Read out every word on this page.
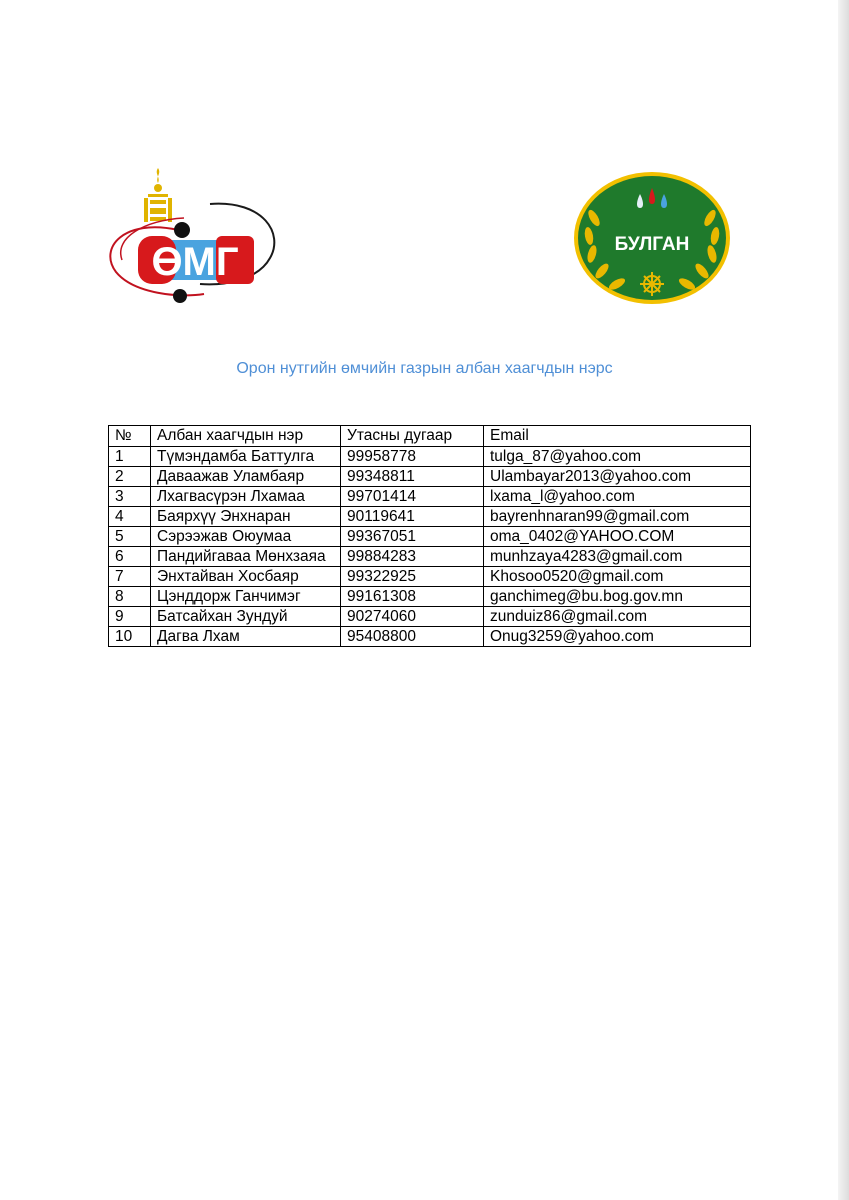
ӨМГ	БУЛГАН
Орон нутгийн өмчийн газрын албан хаагчдын нэрс
№	Албан хаагчдын нэр	Утасны дугаар	Email
1	Түмэндамба Баттулга	99958778	tulga_87@yahoo.com
2	Даваажав Уламбаяр	99348811	Ulambayar2013@yahoo.com
3	Лхагвасүрэн Лхамаа	99701414	lxama_l@yahoo.com
4	Баярхүү Энхнаран	90119641	bayrenhnaran99@gmail.com
5	Сэрээжав Оюумаа	99367051	oma_0402@YAHOO.COM
6	Пандийгаваа Мөнхзаяа	99884283	munhzaya4283@gmail.com
7	Энхтайван Хосбаяр	99322925	Khosoo0520@gmail.com
8	Цэнддорж Ганчимэг	99161308	ganchimeg@bu.bog.gov.mn
9	Батсайхан Зундуй	90274060	zunduiz86@gmail.com
10	Дагва Лхам	95408800	Onug3259@yahoo.com
